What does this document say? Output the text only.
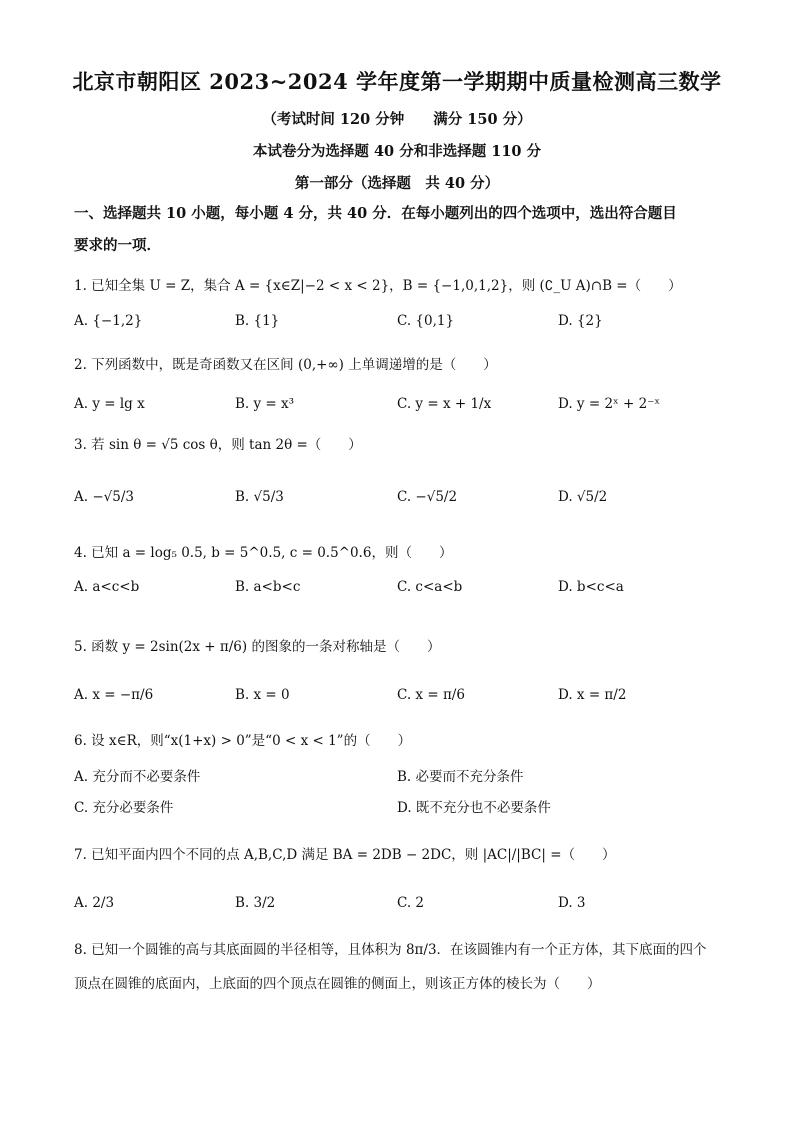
北京市朝阳区 2023~2024 学年度第一学期期中质量检测高三数学
（考试时间 120 分钟　　满分 150 分）
本试卷分为选择题 40 分和非选择题 110 分
第一部分（选择题　共 40 分）
一、选择题共 10 小题，每小题 4 分，共 40 分．在每小题列出的四个选项中，选出符合题目
要求的一项．
1. 已知全集 U = Z，集合 A = {x∈Z|−2 < x < 2}，B = {−1,0,1,2}，则 (∁_U A)∩B =（　　）
A. {−1,2}	B. {1}	C. {0,1}	D. {2}
2. 下列函数中，既是奇函数又在区间 (0,+∞) 上单调递增的是（　　）
A. y = lg x	B. y = x³	C. y = x + 1/x	D. y = 2ˣ + 2⁻ˣ
3. 若 sin θ = √5 cos θ，则 tan 2θ =（　　）
A. −√5/3	B. √5/3	C. −√5/2	D. √5/2
4. 已知 a = log₅ 0.5, b = 5^0.5, c = 0.5^0.6，则（　　）
A. a<c<b	B. a<b<c	C. c<a<b	D. b<c<a
5. 函数 y = 2sin(2x + π/6) 的图象的一条对称轴是（　　）
A. x = −π/6	B. x = 0	C. x = π/6	D. x = π/2
6. 设 x∈R，则“x(1+x) > 0”是“0 < x < 1”的（　　）
A. 充分而不必要条件	B. 必要而不充分条件
C. 充分必要条件	D. 既不充分也不必要条件
7. 已知平面内四个不同的点 A,B,C,D 满足 BA = 2DB − 2DC，则 |AC|/|BC| =（　　）
A. 2/3	B. 3/2	C. 2	D. 3
8. 已知一个圆锥的高与其底面圆的半径相等，且体积为 8π/3．在该圆锥内有一个正方体，其下底面的四个
顶点在圆锥的底面内，上底面的四个顶点在圆锥的侧面上，则该正方体的棱长为（　　）
